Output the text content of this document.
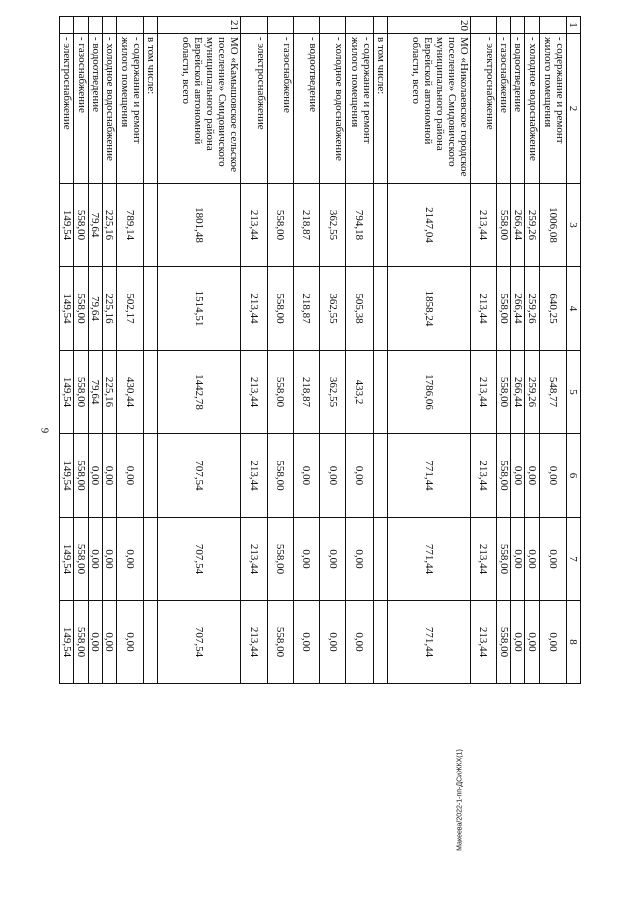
9
1	2	3	4	5	6	7	8
	- содержание и ремонт жилого помещения	1006,08	640,25	548,77	0,00	0,00	0,00
	- холодное водоснабжение	259,26	259,26	259,26	0,00	0,00	0,00
	- водоотведение	266,44	266,44	266,44	0,00	0,00	0,00
	- газоснабжение	558,00	558,00	558,00	558,00	558,00	558,00
	- электроснабжение	213,44	213,44	213,44	213,44	213,44	213,44
20	МО «Николаевское городское поселение» Смидовичского муниципального района Еврейской автономной области, всего	2147,04	1858,24	1786,06	771,44	771,44	771,44
	в том числе:						
	- содержание и ремонт жилого помещения	794,18	505,38	433,2	0,00	0,00	0,00
	- холодное водоснабжение	362,55	362,55	362,55	0,00	0,00	0,00
	- водоотведение	218,87	218,87	218,87	0,00	0,00	0,00
	- газоснабжение	558,00	558,00	558,00	558,00	558,00	558,00
	- электроснабжение	213,44	213,44	213,44	213,44	213,44	213,44
21	МО «Камышовское сельское поселение» Смидовичского муниципального района Еврейской автономной области, всего	1801,48	1514,51	1442,78	707,54	707,54	707,54
	в том числе:						
	- содержание и ремонт жилого помещения	789,14	502,17	430,44	0,00	0,00	0,00
	- холодное водоснабжение	225,16	225,16	225,16	0,00	0,00	0,00
	- водоотведение	79,64	79,64	79,64	0,00	0,00	0,00
	- газоснабжение	558,00	558,00	558,00	558,00	558,00	558,00
	- электроснабжение	149,54	149,54	149,54	149,54	149,54	149,54
Макеева/2022-1-пп-ДСиЖКХ(1)
